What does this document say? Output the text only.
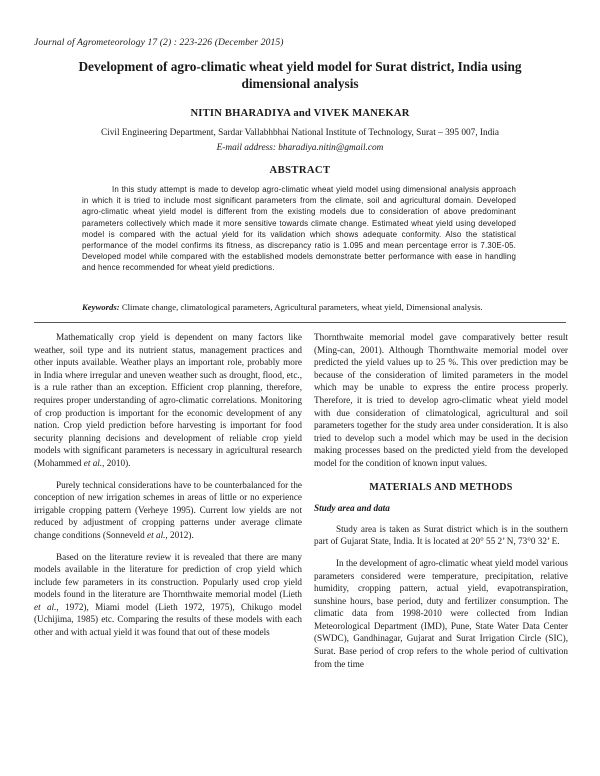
Journal of Agrometeorology 17 (2) : 223-226 (December 2015)
Development of agro-climatic wheat yield model for Surat district, India using dimensional analysis
NITIN BHARADIYA and VIVEK MANEKAR
Civil Engineering Department, Sardar Vallabhbhai National Institute of Technology, Surat – 395 007, India
E-mail address: bharadiya.nitin@gmail.com
ABSTRACT

In this study attempt is made to develop agro-climatic wheat yield model using dimensional analysis approach in which it is tried to include most significant parameters from the climate, soil and agricultural domain. Developed agro-climatic wheat yield model is different from the existing models due to consideration of above predominant parameters collectively which made it more sensitive towards climate change. Estimated wheat yield using developed model is compared with the actual yield for its validation which shows adequate conformity. Also the statistical performance of the model confirms its fitness, as discrepancy ratio is 1.095 and mean percentage error is 7.30E-05. Developed model while compared with the established models demonstrate better performance with ease in handling and hence recommended for wheat yield predictions.

Keywords: Climate change, climatological parameters, Agricultural parameters, wheat yield, Dimensional analysis.

Mathematically crop yield is dependent on many factors like weather, soil type and its nutrient status, management practices and other inputs available. Weather plays an important role, probably more in India where irregular and uneven weather such as drought, flood, etc., is a rule rather than an exception. Efficient crop planning, therefore, requires proper understanding of agro-climatic correlations. Monitoring of crop production is important for the economic development of any nation. Crop yield prediction before harvesting is important for food security planning decisions and development of reliable crop yield models with significant parameters is necessary in agricultural research (Mohammed et al., 2010).

Purely technical considerations have to be counterbalanced for the conception of new irrigation schemes in areas of little or no experience irrigable cropping pattern (Verheye 1995). Current low yields are not reduced by adjustment of cropping patterns under average climate change conditions (Sonneveld et al., 2012).

Based on the literature review it is revealed that there are many models available in the literature for prediction of crop yield which include few parameters in its construction. Popularly used crop yield models found in the literature are Thornthwaite memorial model (Lieth et al., 1972), Miami model (Lieth 1972, 1975), Chikugo model (Uchijima, 1985) etc. Comparing the results of these models with each other and with actual yield it was found that out of these models

Thornthwaite memorial model gave comparatively better result (Ming-can, 2001). Although Thornthwaite memorial model over predicted the yield values up to 25 %. This over prediction may be because of the consideration of limited parameters in the model which may be unable to express the entire process properly. Therefore, it is tried to develop agro-climatic wheat yield model with due consideration of climatological, agricultural and soil parameters together for the study area under consideration. It is also tried to develop such a model which may be used in the decision making processes based on the predicted yield from the developed model for the condition of known input values.

MATERIALS AND METHODS
Study area and data

Study area is taken as Surat district which is in the southern part of Gujarat State, India. It is located at 20° 55 2’ N, 73°0 32’ E.

In the development of agro-climatic wheat yield model various parameters considered were temperature, precipitation, relative humidity, cropping pattern, actual yield, evapotranspiration, sunshine hours, base period, duty and fertilizer consumption. The climatic data from 1998-2010 were collected from Indian Meteorological Department (IMD), Pune, State Water Data Center (SWDC), Gandhinagar, Gujarat and Surat Irrigation Circle (SIC), Surat. Base period of crop refers to the whole period of cultivation from the time
